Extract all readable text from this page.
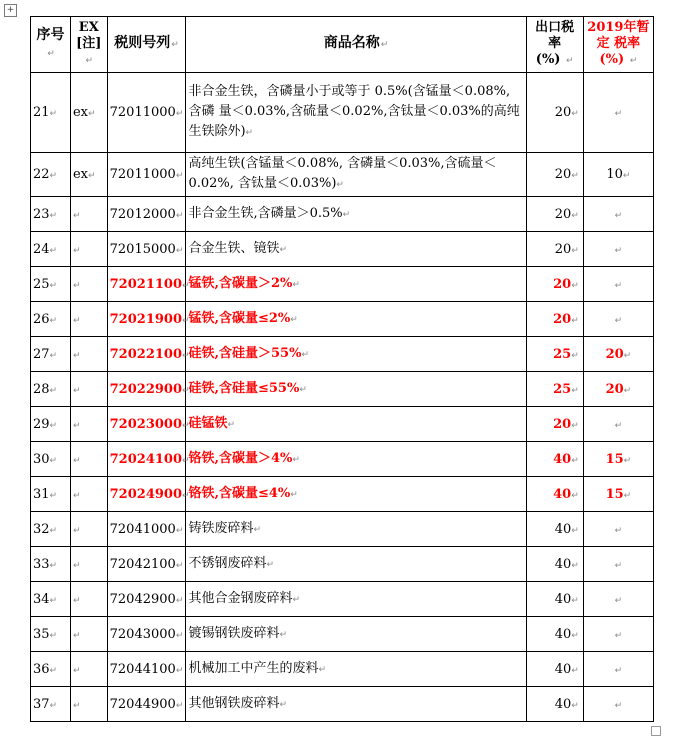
+
序号↵	EX
[注] ↵	税则号列↵	商品名称↵	出口税
率
(%) ↵	2019年暂
定 税率
(%) ↵
21↵	ex↵	72011000↵	非合金生铁，含磷量小于或等于 0.5%(含锰量＜0.08%, 含磷 量＜0.03%,含硫量＜0.02%,含钛量＜0.03%的高纯生铁除外)↵	20↵	↵
22↵	ex↵	72011000↵	高纯生铁(含锰量＜0.08%, 含磷量＜0.03%,含硫量＜0.02%, 含钛量＜0.03%)↵	20↵	10↵
23↵	↵	72012000↵	非合金生铁,含磷量＞0.5%↵	20↵	↵
24↵	↵	72015000↵	合金生铁、镜铁↵	20↵	↵
25↵	↵	72021100↵	锰铁,含碳量＞2%↵	20↵	↵
26↵	↵	72021900↵	锰铁,含碳量≤2%↵	20↵	↵
27↵	↵	72022100↵	硅铁,含硅量＞55%↵	25↵	20↵
28↵	↵	72022900↵	硅铁,含硅量≤55%↵	25↵	20↵
29↵	↵	72023000↵	硅锰铁↵	20↵	↵
30↵	↵	72024100↵	铬铁,含碳量＞4%↵	40↵	15↵
31↵	↵	72024900↵	铬铁,含碳量≤4%↵	40↵	15↵
32↵	↵	72041000↵	铸铁废碎料↵	40↵	↵
33↵	↵	72042100↵	不锈钢废碎料↵	40↵	↵
34↵	↵	72042900↵	其他合金钢废碎料↵	40↵	↵
35↵	↵	72043000↵	镀锡钢铁废碎料↵	40↵	↵
36↵	↵	72044100↵	机械加工中产生的废料↵	40↵	↵
37↵	↵	72044900↵	其他钢铁废碎料↵	40↵	↵
